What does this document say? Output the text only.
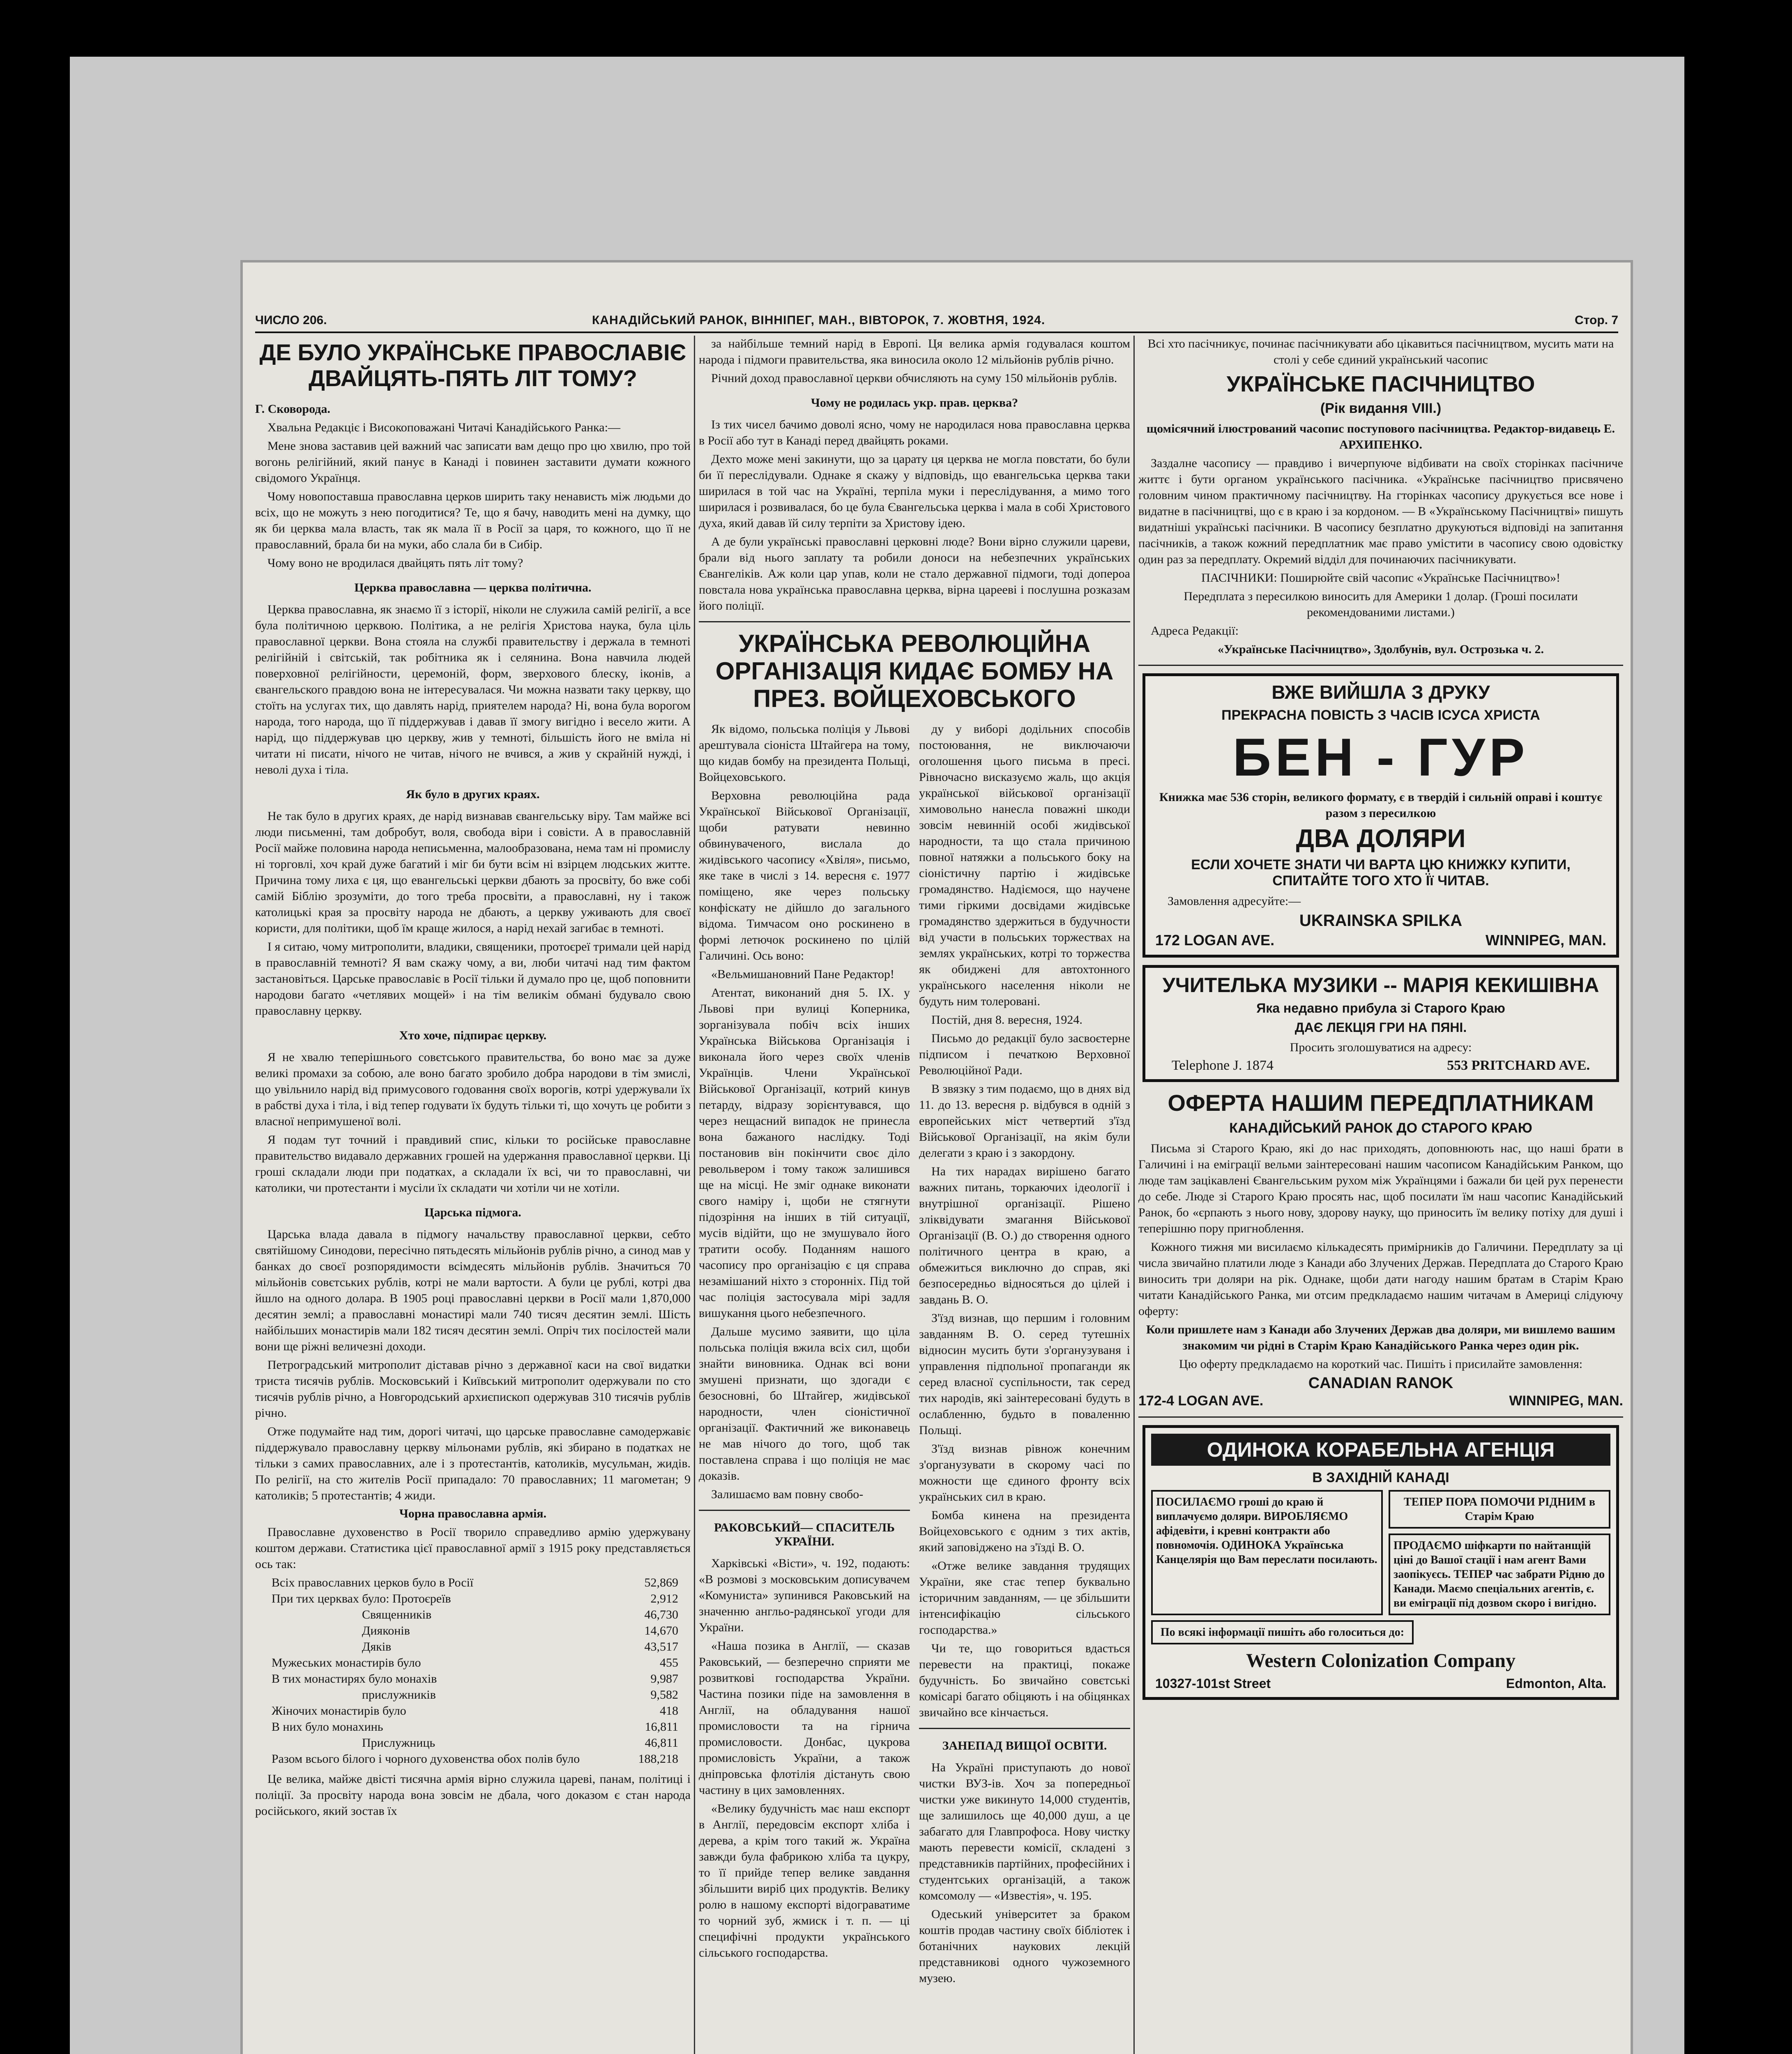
ЧИСЛО 206.	КАНАДІЙСЬКИЙ РАНОК, ВІННІПЕГ, МАН., ВІВТОРОК, 7. ЖОВТНЯ, 1924.	Стор. 7
ДЕ БУЛО УКРАЇНСЬКЕ ПРАВОСЛАВІЄ ДВАЙЦЯТЬ-ПЯТЬ ЛІТ ТОМУ?
Г. Сковорода.
Хвальна Редакціє і Високоповажані Читачі Канадійського Ранка:—
Мене знова заставив цей важний час записати вам дещо про цю хвилю, про той вогонь релігійний, який панує в Канаді і повинен заставити думати кожного свідомого Українця.
Чому новопоставша православна церков ширить таку ненависть між людьми до всіх, що не можуть з нею погодитися? Те, що я бачу, наводить мені на думку, що як би церква мала власть, так як мала її в Росії за царя, то кожного, що її не православний, брала би на муки, або слала би в Сибір.
Чому воно не вродилася двайцять пять літ тому?
Церква православна — церква політична.
Церква православна, як знаємо її з історії, ніколи не служила самій релігії, а все була політичною церквою. Політика, а не релігія Христова наука, була ціль православної церкви. Вона стояла на службі правительству і держала в темноті релігійній і світській, так робітника як і селянина. Вона навчила людей поверховної релігійности, церемоній, форм, зверхового блеску, іконів, а євангельского правдою вона не інтересувалася. Чи можна назвати таку церкву, що стоїть на услугах тих, що давлять нарід, приятелем народа? Ні, вона була ворогом народа, того народа, що її піддержував і давав її змогу вигідно і весело жити. А нарід, що піддержував цю церкву, жив у темноті, більшість його не вміла ні читати ні писати, нічого не читав, нічого не вчився, а жив у скрайній нужді, і неволі духа і тіла.
Як було в других краях.
Не так було в других краях, де нарід визнавав євангельську віру. Там майже всі люди письменні, там добробут, воля, свобода віри і совісти. А в православній Росії майже половина народа неписьменна, малообразована, нема там ні промислу ні торговлі, хоч край дуже багатий і міг би бути всім ні взірцем людських житте. Причина тому лиха є ця, що евангельські церкви дбають за просвіту, бо вже собі самій Біблію зрозуміти, до того треба просвіти, а православні, ну і також католицькі края за просвіту народа не дбають, а церкву уживають для своєї користи, для політики, щоб їм краще жилося, а нарід нехай загибає в темноті.
І я ситаю, чому митрополити, владики, священики, протоєреї тримали цей нарід в православній темноті? Я вам скажу чому, а ви, люби читачі над тим фактом застановіться. Царське православіє в Росії тільки й думало про це, щоб поповнити народови багато «четлявих мощей» і на тім великім обмані будувало свою православну церкву.
Хто хоче, підпирає церкву.
Я не хвалю теперішнього совєтського правительства, бо воно має за дуже великі промахи за собою, але воно багато зробило добра народови в тім змислі, що увільнило нарід від примусового годовання своїх ворогів, котрі удержували їх в рабстві духа і тіла, і від тепер годувати їх будуть тільки ті, що хочуть це робити з власної непримушеної волі.
Я подам тут точний і правдивий спис, кільки то російське православне правительство видавало державних грошей на удержання православної церкви. Ці гроші складали люди при податках, а складали їх всі, чи то православні, чи католики, чи протестанти і мусіли їх складати чи хотіли чи не хотіли.
Царська підмога.
Царська влада давала в підмогу начальству православної церкви, себто святійшому Синодови, пересічно пятьдесять мільйонів рублів річно, а синод мав у банках до своєї розпорядимости всімдесять мільйонів рублів. Значиться 70 мільйонів совєтських рублів, котрі не мали вартости. А були це рублі, котрі два йшло на одного долара. В 1905 році православні церкви в Росії мали 1,870,000 десятин землі; а православні монастирі мали 740 тисяч десятин землі. Шість найбільших монастирів мали 182 тисяч десятин землі. Опріч тих посілостей мали вони ще ріжні величезні доходи.
Петроградський митрополит діставав річно з державної каси на свої видатки триста тисячів рублів. Московський і Київський митрополит одержували по сто тисячів рублів річно, а Новгородський архиєпископ одержував 310 тисячів рублів річно.
Отже подумайте над тим, дорогі читачі, що царське православне самодержавіє піддержувало православну церкву мільонами рублів, які збирано в податках не тільки з самих православних, але і з протестантів, католиків, мусульман, жидів. По релігії, на сто жителів Росії припадало: 70 православних; 11 магометан; 9 католиків; 5 протестантів; 4 жиди.
Чорна православна армія.
Православне духовенство в Росії творило справедливо армію удержувану коштом держави. Статистика цієї православної армії з 1915 року представляється ось так:
Всіх православних церков було в Росії	52,869
При тих церквах було: Протоєреїв	2,912
Священників	46,730
Дияконів	14,670
Дяків	43,517
Мужеських монастирів було	455
В тих монастирях було монахів	9,987
прислужників	9,582
Жіночих монастирів було	418
В них було монахинь	16,811
Прислужниць	46,811
Разом всього білого і чорного духовенства обох полів було	188,218
Це велика, майже двісті тисячна армія вірно служила цареві, панам, політиці і поліції. За просвіту народа вона зовсім не дбала, чого доказом є стан народа російського, який зостав їх
за найбільше темний нарід в Европі. Ця велика армія годувалася коштом народа і підмоги правительства, яка виносила около 12 мільйонів рублів річно.
Річний доход православної церкви обчисляють на суму 150 мільйонів рублів.
Чому не родилась укр. прав. церква?
Із тих чисел бачимо доволі ясно, чому не народилася нова православна церква в Росії або тут в Канаді перед двайцять роками.
Дехто може мені закинути, що за царату ця церква не могла повстати, бо були би її переслідували. Однаке я скажу у відповідь, що евангельська церква таки ширилася в той час на Україні, терпіла муки і переслідування, а мимо того ширилася і розвивалася, бо це була Євангельська церква і мала в собі Христового духа, який давав їй силу терпіти за Христову ідею.
А де були українські православні церковні люде? Вони вірно служили цареви, брали від нього заплату та робили доноси на небезпечних українських Євангеліків. Аж коли цар упав, коли не стало державної підмоги, тоді допероа повстала нова українська православна церква, вірна царееві і послушна розказам його поліції.
УКРАЇНСЬКА РЕВОЛЮЦІЙНА ОРГАНІЗАЦІЯ КИДАЄ БОМБУ НА ПРЕЗ. ВОЙЦЕХОВСЬКОГО
Як відомо, польська поліція у Львові арештувала сіоніста Штайгера на тому, що кидав бомбу на президента Польщі, Войцеховського.
Верховна революційна рада Української Військової Організації, щоби ратувати невинно обвинуваченого, вислала до жидівського часопису «Хвіля», письмо, яке таке в числі з 14. вересня є. 1977 поміщено, яке через польську конфіскату не дійшло до загального відома. Тимчасом оно роскинено в формі летючок роскинено по цілій Галичині. Ось воно:
«Вельмишановний Пане Редактор!
Атентат, виконаний дня 5. IX. у Львові при вулиці Коперника, зорганізувала побіч всіх інших Українська Військова Організація і виконала його через своїх членів Українців. Члени Української Військової Організації, котрий кинув петарду, відразу зорієнтувався, що через нещасний випадок не принесла вона бажаного наслідку. Тоді постановив він покінчити своє діло револьвером і тому також залишився ще на місці. Не зміг однаке виконати свого наміру і, щоби не стягнути підозріння на інших в тій ситуації, мусів відійти, що не змушувало його тратити особу. Поданням нашого часопису про організацію є ця справа незамішаний ніхто з сторонніх. Під той час поліція застосувала мірі задля вишукання цього небезпечного.
Дальше мусимо заявити, що ціла польська поліція вжила всіх сил, щоби знайти виновника. Однак всі вони змушені признати, що здогади є безосновні, бо Штайгер, жидівської народности, член сіоністичної організації. Фактичний же виконавець не мав нічого до того, щоб так поставлена справа і що поліція не має доказів.
Залишаємо вам повну свобо-
РАКОВСЬКИЙ— СПАСИТЕЛЬ УКРАЇНИ.
Харківські «Вісти», ч. 192, подають: «В розмові з московським дописувачем «Комуниста» зупинився Раковський на значенню англьо-радянської угоди для України.
«Наша позика в Англії, — сказав Раковський, — безперечно сприяти ме розвиткові господарства України. Частина позики піде на замовлення в Англії, на обладування нашої промисловости та на гірнича промисловости. Донбас, цукрова промисловість України, а також дніпровська флотілія дістануть свою частину в цих замовленнях.
«Велику будучність має наш експорт в Англії, передовсім експорт хліба і дерева, а крім того такий ж. Україна завжди була фабрикою хліба та цукру, то її прийде тепер велике завдання збільшити виріб цих продуктів. Велику ролю в нашому експорті відограватиме то чорний зуб, жмиск і т. п. — ці специфічні продукти українського сільського господарства.
ду у виборі додільних способів постоювання, не виключаючи оголошення цього письма в пресі. Рівночасно висказуємо жаль, що акція української військової організації химовольно нанесла поважні шкоди зовсім невинній особі жидівської народности, та що стала причиною повної натяжки а польського боку на сіоністичну партію і жидівське громадянство. Надіємося, що научене тими гіркими досвідами жидівське громадянство здержиться в будучности від участи в польських торжествах на землях українських, котрі то торжества як обиджені для автохтонного українського населення ніколи не будуть ним толеровані.
Постій, дня 8. вересня, 1924.
Письмо до редакції було засвоєтерне підписом і печаткою Верховної Революційної Ради.
В звязку з тим подаємо, що в днях від 11. до 13. вересня р. відбувся в одній з европейських міст четвертий з'їзд Військової Організації, на якім були делегати з краю і з закордону.
На тих нарадах вирішено багато важних питань, торкаючих ідеології і внутрішної організації. Рішено зліквідувати змагання Військової Організації (В. О.) до створення одного політичного центра в краю, а обмежиться виключно до справ, які безпосередньо відносяться до цілей і завдань В. О.
З'їзд визнав, що першим і головним завданням В. О. серед тутешніх відносин мусить бути з'органузуваня і управлення підпольної пропаганди як серед власної суспільности, так серед тих народів, які заінтересовані будуть в ослабленню, будьто в поваленню Польщі.
З'їзд визнав рівнож конечним з'органузувати в скорому часі по можности ще єдиного фронту всіх українських сил в краю.
Бомба кинена на президента Войцеховського є одним з тих актів, який заповіджено на з'їзді В. О.
«Отже велике завдання трудящих України, яке стає тепер буквально історичним завданням, — це збільшити інтенсифікацію сільського господарства.»
Чи те, що говориться вдасться перевести на практиці, покаже будучність. Бо звичайно совєтські комісарі багато обіцяють і на обіцянках звичайно все кінчається.
ЗАНЕПАД ВИЩОЇ ОСВІТИ.
На Україні приступають до нової чистки ВУЗ-ів. Хоч за попередньої чистки уже викинуто 14,000 студентів, ще залишилось ще 40,000 душ, а це забагато для Главпрофоса. Нову чистку мають перевести комісії, складені з представників партійних, професійних і студентських організацій, а також комсомолу — «Известія», ч. 195.
Одеський університет за браком коштів продав частину своїх бібліотек і ботанічних наукових лекцій представникові одного чужоземного музею.
Всі хто пасічникує, починає пасічникувати або цікавиться пасічництвом, мусить мати на столі у себе єдиний український часопис
УКРАЇНСЬКЕ ПАСІЧНИЦТВО
(Рік видання VIII.)
щомісячний ілюстрований часопис поступового пасічництва. Редактор-видавець Е. АРХИПЕНКО.
Заздалне часопису — правдиво і вичерпуюче відбивати на своїх сторінках пасічниче життє і бути органом українського пасічника. «Українське пасічництво присвячено головним чином практичному пасічництву. На гторінках часопису друкується все нове і видатне в пасічництві, що є в краю і за кордоном. — В «Українському Пасічництві» пишуть видатніші українські пасічники. В часопису безплатно друкуються відповіді на запитання пасічників, а також кожний передплатник має право умістити в часопису свою одовістку один раз за передплату. Окремий відділ для починаючих пасічникувати.
ПАСІЧНИКИ: Поширюйте свій часопис «Українське Пасічництво»!
Передплата з пересилкою виносить для Америки 1 долар. (Гроші посилати рекомендованими листами.)
Адреса Редакції:
«Українське Пасічництво», Здолбунів, вул. Острозька ч. 2.
ВЖЕ ВИЙШЛА З ДРУКУ
ПРЕКРАСНА ПОВІСТЬ З ЧАСІВ ІСУСА ХРИСТА
БЕН - ГУР
Книжка має 536 сторін, великого формату, є в твердій і сильній оправі і коштує разом з пересилкою
ДВА ДОЛЯРИ
ЕСЛИ ХОЧЕТЕ ЗНАТИ ЧИ ВАРТА ЦЮ КНИЖКУ КУПИТИ, СПИТАЙТЕ ТОГО ХТО Її ЧИТАВ.
Замовлення адресуйте:—
UKRAINSKA SPILKA
172 LOGAN AVE.	WINNIPEG, MAN.
УЧИТЕЛЬКА МУЗИКИ -- МАРІЯ КЕКИШІВНА
Яка недавно прибула зі Старого Краю
ДАЄ ЛЕКЦІЯ ГРИ НА ПЯНІ.
Просить зголошуватися на адресу:
Telephone J. 1874	553 PRITCHARD AVE.
ОФЕРТА НАШИМ ПЕРЕДПЛАТНИКАМ
КАНАДІЙСЬКИЙ РАНОК ДО СТАРОГО КРАЮ
Письма зі Старого Краю, які до нас приходять, доповнюють нас, що наші брати в Галичині і на еміграції вельми заінтересовані нашим часописом Канадійським Ранком, що люде там зацікавлені Євангельським рухом між Українцями і бажали би цей рух перенести до себе. Люде зі Старого Краю просять нас, щоб посилати їм наш часопис Канадійський Ранок, бо «єрпають з нього нову, здорову науку, що приносить їм велику потіху для душі і теперішню пору пригноблення.
Кожного тижня ми висилаємо кількадесять примірників до Галичини. Передплату за ці числа звичайно платили люде з Канади або Злучених Держав. Передплата до Старого Краю виносить три доляри на рік. Однаке, щоби дати нагоду нашим братам в Старім Краю читати Канадійського Ранка, ми отсим предкладаємо нашим читачам в Америці слідуючу оферту:
Коли пришлете нам з Канади або Злучених Держав два доляри, ми вишлемо вашим знакомим чи рідні в Старім Краю Канадійського Ранка через один рік.
Цю оферту предкладаємо на короткий час. Пишіть і присилайте замовлення:
CANADIAN RANOK
172-4 LOGAN AVE.	WINNIPEG, MAN.
ОДИНОКА КОРАБЕЛЬНА АГЕНЦІЯ
В ЗАХІДНІЙ КАНАДІ
ПОСИЛАЄМО гроші до краю й виплачуємо доляри. ВИРОБЛЯЄМО афідевіти, і кревні контракти або повномочія. ОДИНОКА Українська Канцелярія що Вам переслати посилають.
ТЕПЕР ПОРА ПОМОЧИ РІДНИМ в Старім Краю
ПРОДАЄМО шіфкарти по найтанщій ціні до Вашої стації і нам агент Вами заопікуєсь. ТЕПЕР час забрати Рідню до Канади. Маємо спеціальних агентів, є. ви еміграції під дозвом скоро і вигідно.
По всякі інформації пишіть або голоситься до:
Western Colonization Company
10327-101st Street	Edmonton, Alta.
